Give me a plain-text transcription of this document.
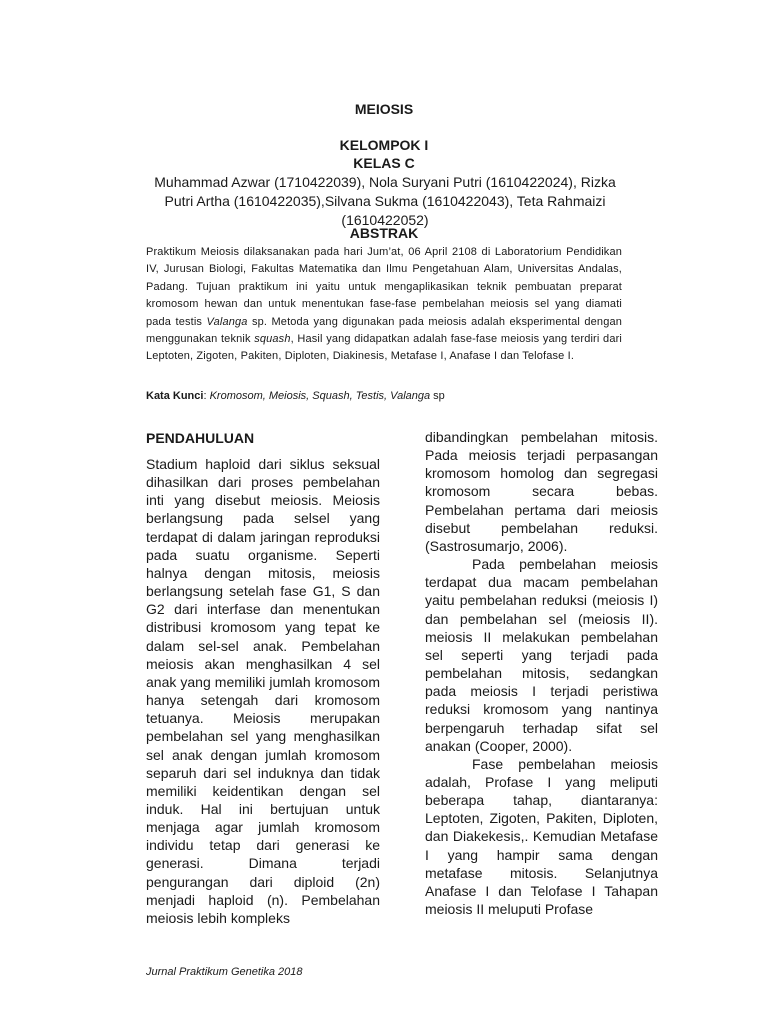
MEIOSIS
KELOMPOK I
KELAS C
Muhammad Azwar (1710422039), Nola Suryani Putri (1610422024), Rizka Putri Artha (1610422035),Silvana Sukma (1610422043), Teta Rahmaizi (1610422052)
ABSTRAK
Praktikum Meiosis dilaksanakan pada hari Jum’at, 06 April 2108 di Laboratorium Pendidikan IV, Jurusan Biologi, Fakultas Matematika dan Ilmu Pengetahuan Alam, Universitas Andalas, Padang. Tujuan praktikum ini yaitu untuk mengaplikasikan teknik pembuatan preparat kromosom hewan dan untuk menentukan fase-fase pembelahan meiosis sel yang diamati pada testis Valanga sp. Metoda yang digunakan pada meiosis adalah eksperimental dengan menggunakan teknik squash, Hasil yang didapatkan adalah fase-fase meiosis yang terdiri dari Leptoten, Zigoten, Pakiten, Diploten, Diakinesis, Metafase I, Anafase I dan Telofase I.
Kata Kunci: Kromosom, Meiosis, Squash, Testis, Valanga sp
PENDAHULUAN

Stadium haploid dari siklus seksual dihasilkan dari proses pembelahan inti yang disebut meiosis. Meiosis berlangsung pada selsel yang terdapat di dalam jaringan reproduksi pada suatu organisme. Seperti halnya dengan mitosis, meiosis berlangsung setelah fase G1, S dan G2 dari interfase dan menentukan distribusi kromosom yang tepat ke dalam sel-sel anak. Pembelahan meiosis akan menghasilkan 4 sel anak yang memiliki jumlah kromosom hanya setengah dari kromosom tetuanya. Meiosis merupakan pembelahan sel yang menghasilkan sel anak dengan jumlah kromosom separuh dari sel induknya dan tidak memiliki keidentikan dengan sel induk. Hal ini bertujuan untuk menjaga agar jumlah kromosom individu tetap dari generasi ke generasi. Dimana terjadi pengurangan dari diploid (2n) menjadi haploid (n). Pembelahan meiosis lebih kompleks

dibandingkan pembelahan mitosis. Pada meiosis terjadi perpasangan kromosom homolog dan segregasi kromosom secara bebas. Pembelahan pertama dari meiosis disebut pembelahan reduksi. (Sastrosumarjo, 2006).

Pada pembelahan meiosis terdapat dua macam pembelahan yaitu pembelahan reduksi (meiosis I) dan pembelahan sel (meiosis II). meiosis II melakukan pembelahan sel seperti yang terjadi pada pembelahan mitosis, sedangkan pada meiosis I terjadi peristiwa reduksi kromosom yang nantinya berpengaruh terhadap sifat sel anakan (Cooper, 2000).

Fase pembelahan meiosis adalah, Profase I yang meliputi beberapa tahap, diantaranya: Leptoten, Zigoten, Pakiten, Diploten, dan Diakekesis,. Kemudian Metafase I yang hampir sama dengan metafase mitosis. Selanjutnya Anafase I dan Telofase I Tahapan meiosis II meluputi Profase

Jurnal Praktikum Genetika 2018
